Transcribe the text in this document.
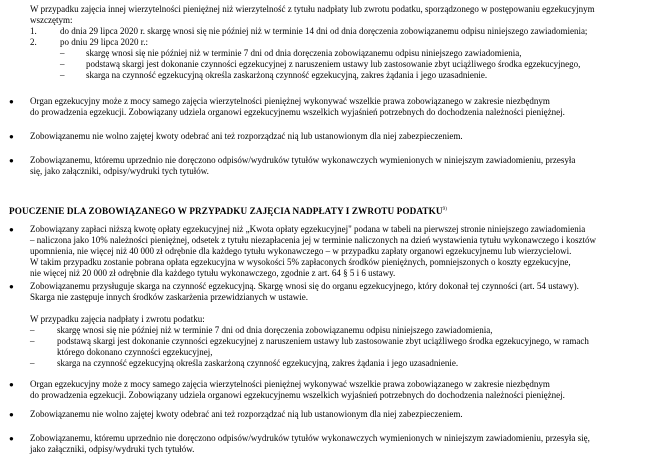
W przypadku zajęcia innej wierzytelności pieniężnej niż wierzytelność z tytułu nadpłaty lub zwrotu podatku, sporządzonego w postępowaniu egzekucyjnym
wszczętym:
1.	do dnia 29 lipca 2020 r. skargę wnosi się nie później niż w terminie 14 dni od dnia doręczenia zobowiązanemu odpisu niniejszego zawiadomienia;
2.	po dniu 29 lipca 2020 r.:
– skargę wnosi się nie później niż w terminie 7 dni od dnia doręczenia zobowiązanemu odpisu niniejszego zawiadomienia,
– podstawą skargi jest dokonanie czynności egzekucyjnej z naruszeniem ustawy lub zastosowanie zbyt uciążliwego środka egzekucyjnego,
– skarga na czynność egzekucyjną określa zaskarżoną czynność egzekucyjną, zakres żądania i jego uzasadnienie.
● Organ egzekucyjny może z mocy samego zajęcia wierzytelności pieniężnej wykonywać wszelkie prawa zobowiązanego w zakresie niezbędnym
do prowadzenia egzekucji. Zobowiązany udziela organowi egzekucyjnemu wszelkich wyjaśnień potrzebnych do dochodzenia należności pieniężnej.
● Zobowiązanemu nie wolno zajętej kwoty odebrać ani też rozporządzać nią lub ustanowionym dla niej zabezpieczeniem.
● Zobowiązanemu, któremu uprzednio nie doręczono odpisów/wydruków tytułów wykonawczych wymienionych w niniejszym zawiadomieniu, przesyła
się, jako załączniki, odpisy/wydruki tych tytułów.
POUCZENIE DLA ZOBOWIĄZANEGO W PRZYPADKU ZAJĘCIA NADPŁATY I ZWROTU PODATKU$^{9)}$
● Zobowiązany zapłaci niższą kwotę opłaty egzekucyjnej niż „Kwota opłaty egzekucyjnej" podana w tabeli na pierwszej stronie niniejszego zawiadomienia
– naliczona jako 10% należności pieniężnej, odsetek z tytułu niezapłacenia jej w terminie naliczonych na dzień wystawienia tytułu wykonawczego i kosztów
upomnienia, nie więcej niż 40 000 zł odrębnie dla każdego tytułu wykonawczego – w przypadku zapłaty organowi egzekucyjnemu lub wierzycielowi.
W takim przypadku zostanie pobrana opłata egzekucyjna w wysokości 5% zapłaconych środków pieniężnych, pomniejszonych o koszty egzekucyjne,
nie więcej niż 20 000 zł odrębnie dla każdego tytułu wykonawczego, zgodnie z art. 64 § 5 i 6 ustawy.
● Zobowiązanemu przysługuje skarga na czynność egzekucyjną. Skargę wnosi się do organu egzekucyjnego, który dokonał tej czynności (art. 54 ustawy).
Skarga nie zastępuje innych środków zaskarżenia przewidzianych w ustawie.
W przypadku zajęcia nadpłaty i zwrotu podatku:
–	skargę wnosi się nie później niż w terminie 7 dni od dnia doręczenia zobowiązanemu odpisu niniejszego zawiadomienia,
–	podstawą skargi jest dokonanie czynności egzekucyjnej z naruszeniem ustawy lub zastosowanie zbyt uciążliwego środka egzekucyjnego, w ramach
którego dokonano czynności egzekucyjnej,
–	skarga na czynność egzekucyjną określa zaskarżoną czynność egzekucyjną, zakres żądania i jego uzasadnienie.
● Organ egzekucyjny może z mocy samego zajęcia wierzytelności pieniężnej wykonywać wszelkie prawa zobowiązanego w zakresie niezbędnym
do prowadzenia egzekucji. Zobowiązany udziela organowi egzekucyjnemu wszelkich wyjaśnień potrzebnych do dochodzenia należności pieniężnej.
● Zobowiązanemu nie wolno zajętej kwoty odebrać ani też rozporządzać nią lub ustanowionym dla niej zabezpieczeniem.
● Zobowiązanemu, któremu uprzednio nie doręczono odpisów/wydruków tytułów wykonawczych wymienionych w niniejszym zawiadomieniu, przesyła się,
jako załączniki, odpisy/wydruki tych tytułów.
